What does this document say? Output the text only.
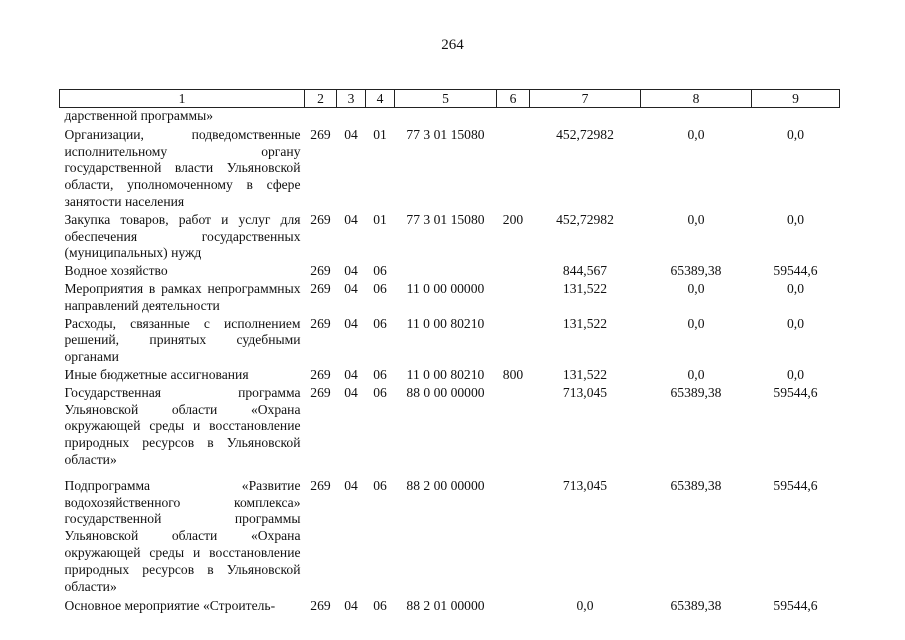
264
1	2	3	4	5	6	7	8	9
дарственной программы»								
Организации, подведомственные исполнительному органу государственной власти Ульяновской области, уполномоченному в сфере занятости населения	269	04	01	77 3 01 15080		452,72982	0,0	0,0
Закупка товаров, работ и услуг для обеспечения государственных (муниципальных) нужд	269	04	01	77 3 01 15080	200	452,72982	0,0	0,0
Водное хозяйство	269	04	06			844,567	65389,38	59544,6
Мероприятия в рамках непрограммных направлений деятельности	269	04	06	11 0 00 00000		131,522	0,0	0,0
Расходы, связанные с исполнением решений, принятых судебными органами	269	04	06	11 0 00 80210		131,522	0,0	0,0
Иные бюджетные ассигнования	269	04	06	11 0 00 80210	800	131,522	0,0	0,0
Государственная программа Ульяновской области «Охрана окружающей среды и восстановление природных ресурсов в Ульяновской области»	269	04	06	88 0 00 00000		713,045	65389,38	59544,6
Подпрограмма «Развитие водохозяйственного комплекса» государственной программы Ульяновской области «Охрана окружающей среды и восстановление природных ресурсов в Ульяновской области»	269	04	06	88 2 00 00000		713,045	65389,38	59544,6
Основное мероприятие «Строитель-	269	04	06	88 2 01 00000		0,0	65389,38	59544,6
